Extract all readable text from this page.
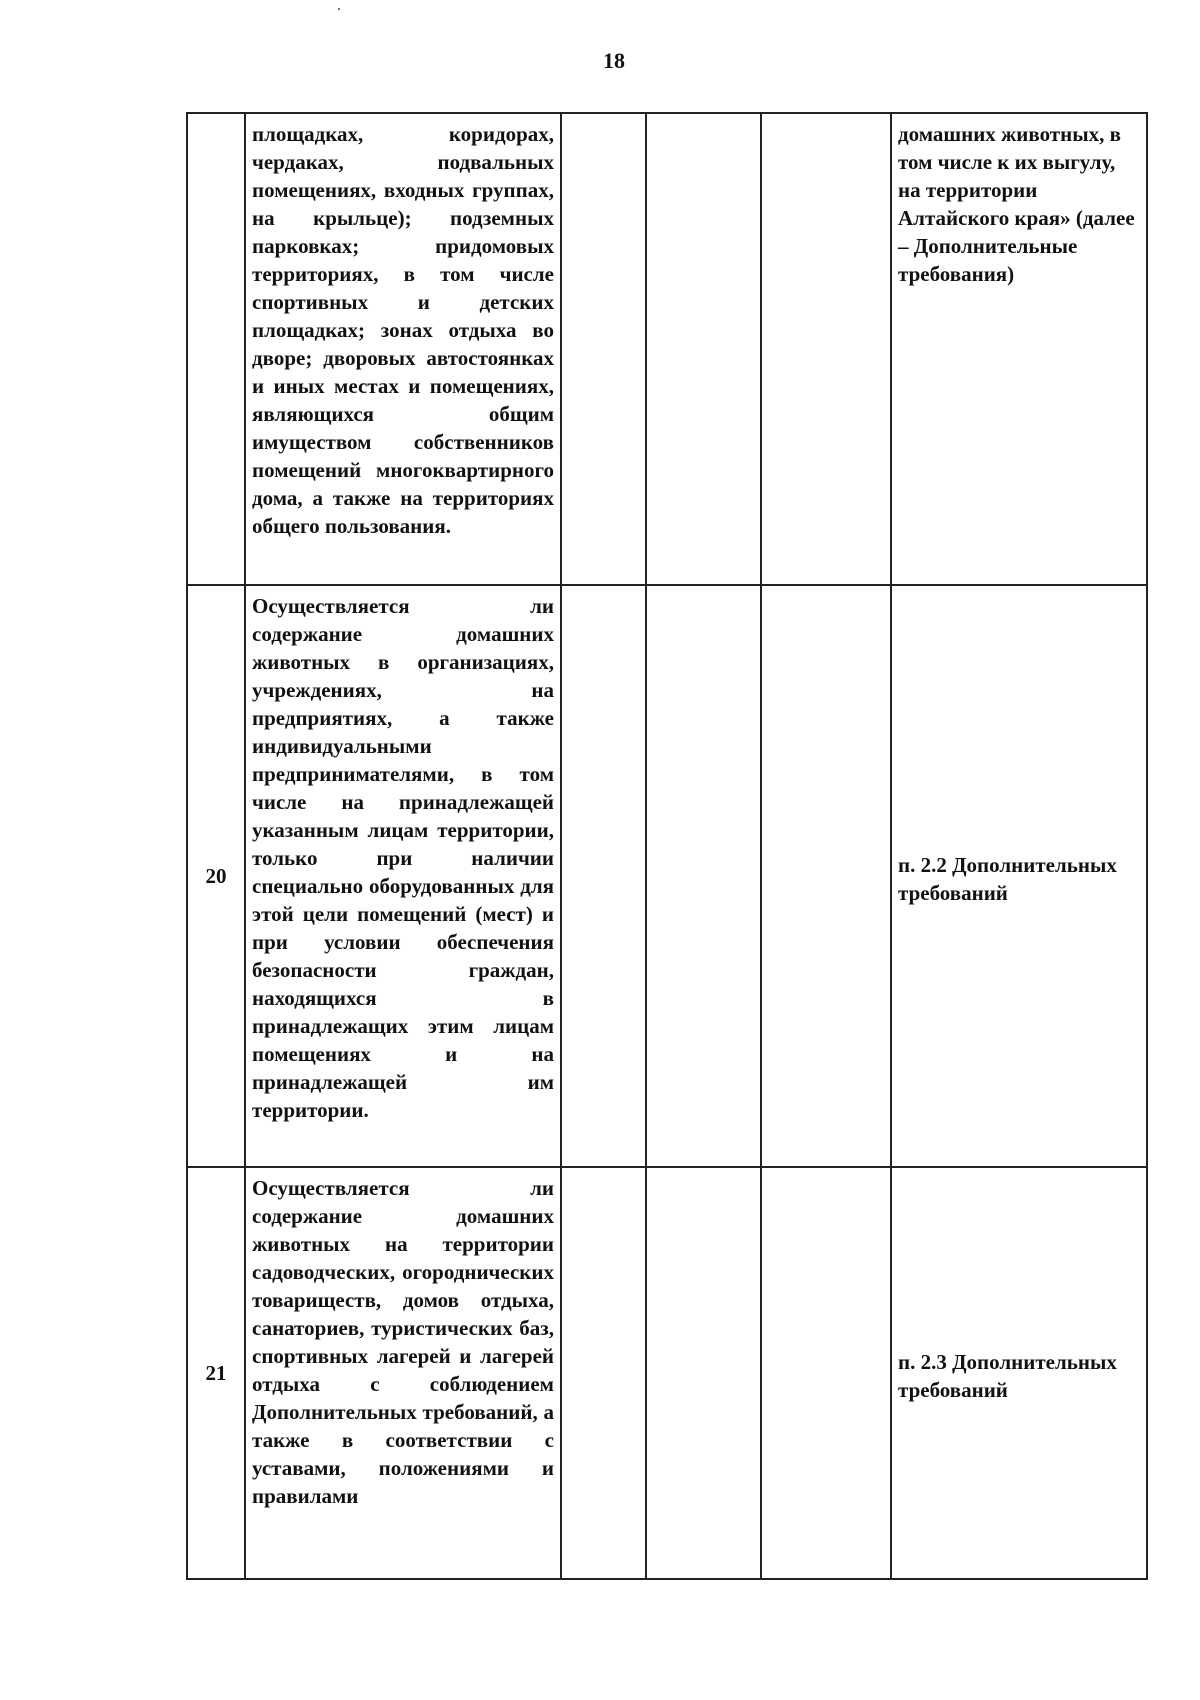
18
	площадках, коридорах, чердаках, подвальных помещениях, входных группах, на крыльце); подземных парковках; придомовых территориях, в том числе спортивных и детских площадках; зонах отдыха во дворе; дворовых автостоянках и иных местах и помещениях, являющихся общим имуществом собственников помещений многоквартирного дома, а также на территориях
общего пользования.				домашних животных, в том числе к их выгулу, на территории Алтайского края» (далее – Дополнительные требования)
20	Осуществляется ли содержание домашних животных в организациях, учреждениях, на предприятиях, а также индивидуальными предпринимателями, в том числе на принадлежащей указанным лицам территории, только при наличии специально оборудованных для этой цели помещений (мест) и при условии обеспечения безопасности граждан, находящихся в принадлежащих этим лицам помещениях и на принадлежащей им
территории.				п. 2.2 Дополнительных требований
21	Осуществляется ли содержание домашних животных на территории садоводческих, огороднических товариществ, домов отдыха, санаториев, туристических баз, спортивных лагерей и лагерей отдыха с соблюдением Дополнительных требований, а также в соответствии с уставами, положениями и правилами				п. 2.3 Дополнительных требований
